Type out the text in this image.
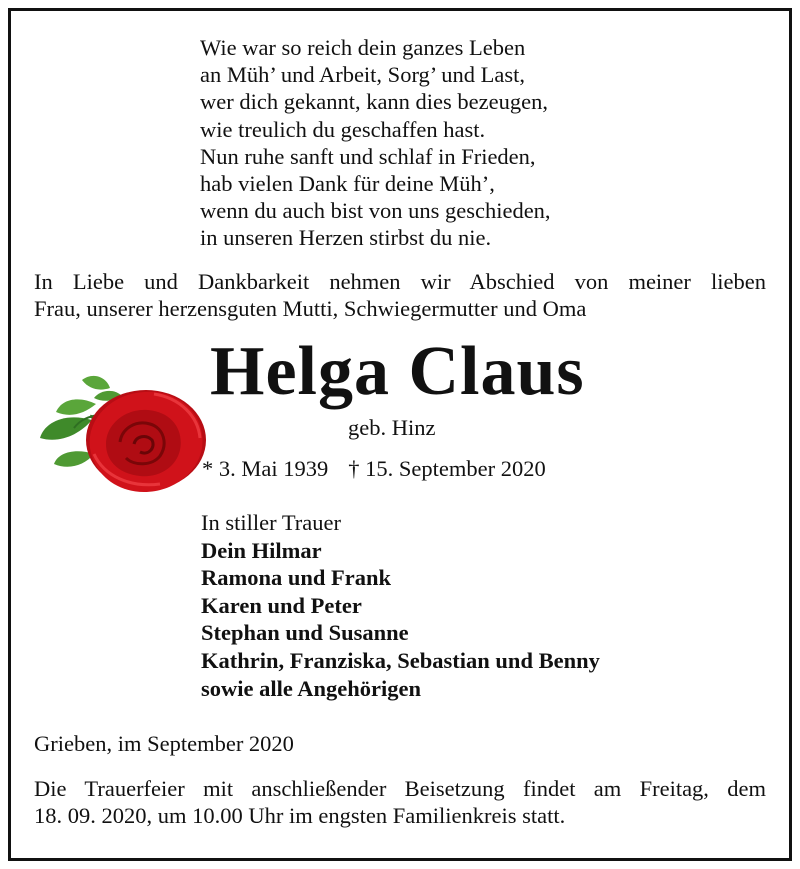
Wie war so reich dein ganzes Leben
an Müh’ und Arbeit, Sorg’ und Last,
wer dich gekannt, kann dies bezeugen,
wie treulich du geschaffen hast.
Nun ruhe sanft und schlaf in Frieden,
hab vielen Dank für deine Müh’,
wenn du auch bist von uns geschieden,
in unseren Herzen stirbst du nie.
In Liebe und Dankbarkeit nehmen wir Abschied von meiner lieben
Frau, unserer herzensguten Mutti, Schwiegermutter und Oma
Helga Claus
geb. Hinz
* 3. Mai 1939 † 15. September 2020
In stiller Trauer
Dein Hilmar
Ramona und Frank
Karen und Peter
Stephan und Susanne
Kathrin, Franziska, Sebastian und Benny
sowie alle Angehörigen
Grieben, im September 2020
Die Trauerfeier mit anschließender Beisetzung findet am Freitag, dem
18. 09. 2020, um 10.00 Uhr im engsten Familienkreis statt.
